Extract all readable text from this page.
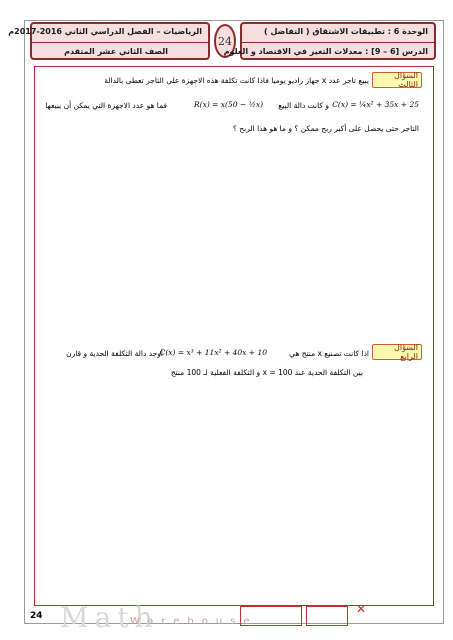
الرياضيات – الفصل الدراسي الثاني 2016-2017م
الصف الثاني عشر المتقدم
24
الوحدة 6 : تطبيقات الاشتقاق ( التفاضل )
الدرس [6 – 9] : معدلات التغير في الاقتصاد و العلوم
السؤال الثالث
يبيع تاجر عدد x جهاز راديو يوميا فاذا كانت تكلفة هذه الاجهزة على التاجر تعطى بالدالة
C(x) = ¼x² + 35x + 25
و كانت دالة البيع
R(x) = x(50 − ½x)
فما هو عدد الاجهزة التي يمكن أن يبيعها
التاجر حتى يحصل على أكبر ربح ممكن ؟ و ما هو هذا الربح ؟
السؤال الرابع
اذا كانت تصنيع x منتج هي
C(x) = x³ + 11x² + 40x + 10
أوجد دالة التكلفة الحدية و قارن
بين التكلفة الحدية عند x = 100 و التكلفة الفعلية لـ 100 منتج
24 Math
Warehouse
✕
